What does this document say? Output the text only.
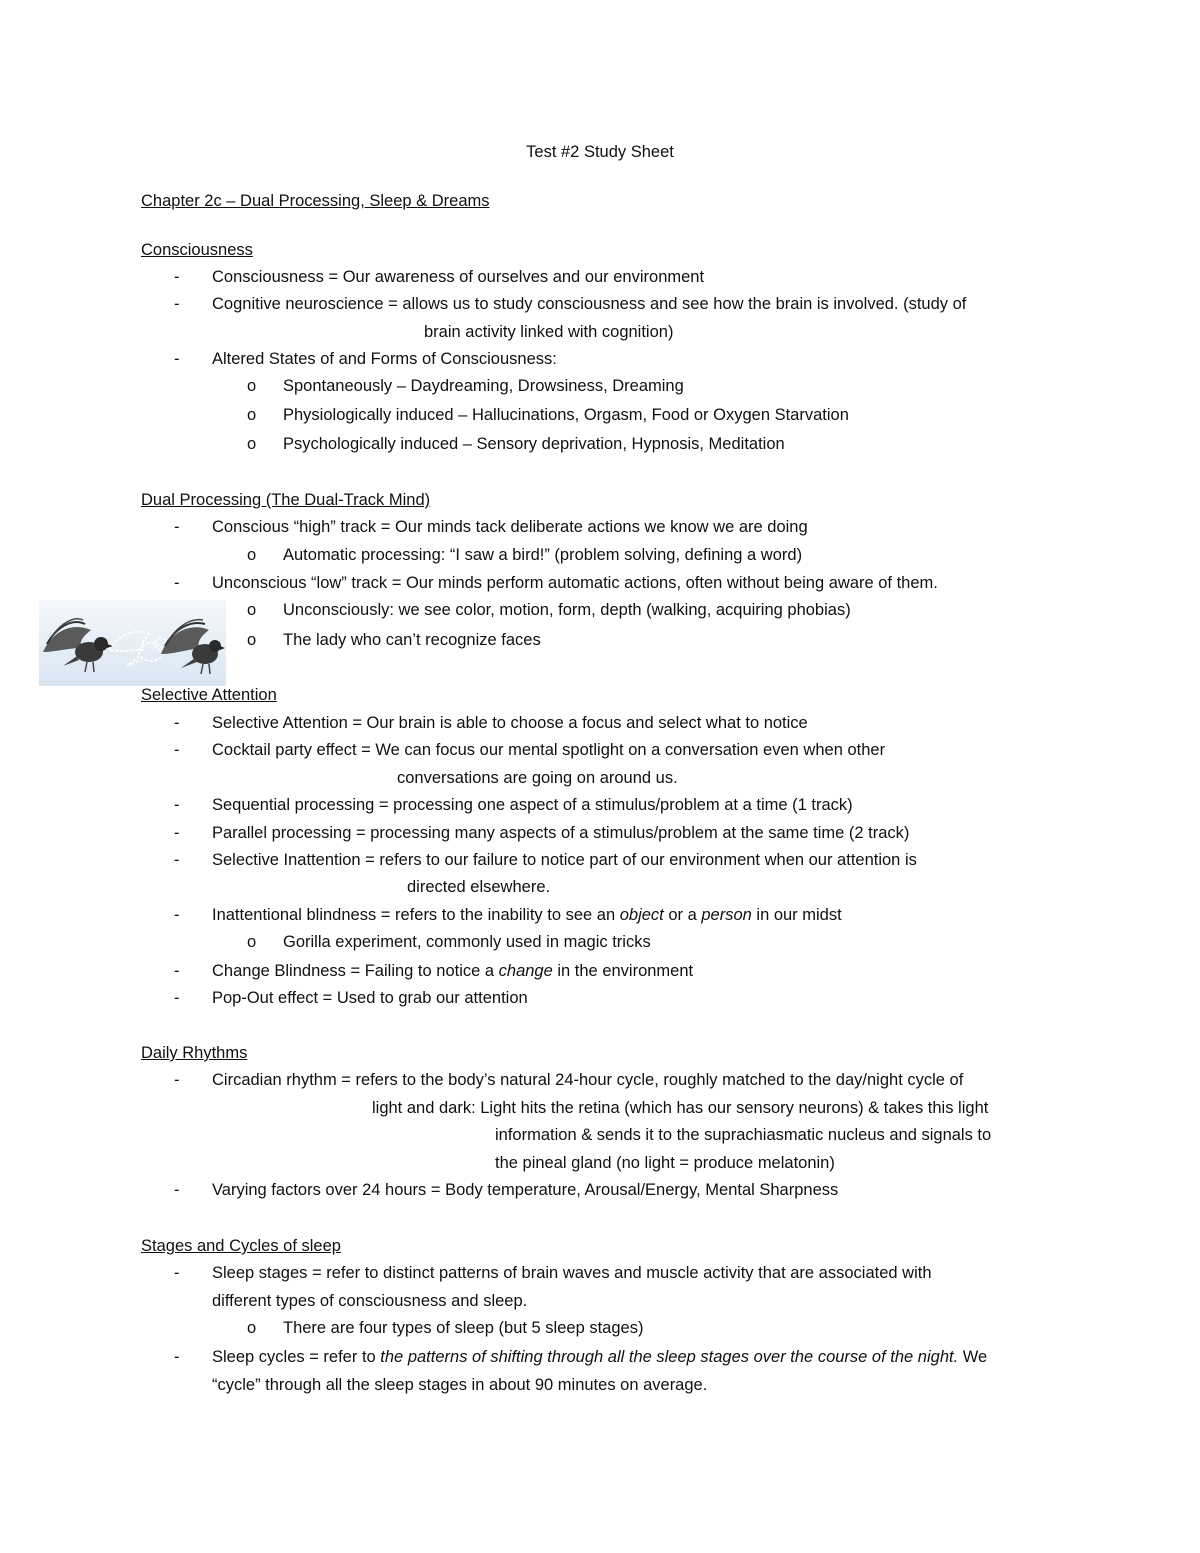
Test #2 Study Sheet
Chapter 2c – Dual Processing, Sleep & Dreams
Consciousness
- Consciousness = Our awareness of ourselves and our environment
- Cognitive neuroscience = allows us to study consciousness and see how the brain is involved. (study of
brain activity linked with cognition)
- Altered States of and Forms of Consciousness:
o Spontaneously – Daydreaming, Drowsiness, Dreaming
o Physiologically induced – Hallucinations, Orgasm, Food or Oxygen Starvation
o Psychologically induced – Sensory deprivation, Hypnosis, Meditation
Dual Processing (The Dual-Track Mind)
- Conscious “high” track = Our minds tack deliberate actions we know we are doing
o Automatic processing: “I saw a bird!” (problem solving, defining a word)
- Unconscious “low” track = Our minds perform automatic actions, often without being aware of them.
o Unconsciously: we see color, motion, form, depth (walking, acquiring phobias)
o The lady who can’t recognize faces
Selective Attention
- Selective Attention = Our brain is able to choose a focus and select what to notice
- Cocktail party effect = We can focus our mental spotlight on a conversation even when other
conversations are going on around us.
- Sequential processing = processing one aspect of a stimulus/problem at a time (1 track)
- Parallel processing = processing many aspects of a stimulus/problem at the same time (2 track)
- Selective Inattention = refers to our failure to notice part of our environment when our attention is
directed elsewhere.
- Inattentional blindness = refers to the inability to see an object or a person in our midst
o Gorilla experiment, commonly used in magic tricks
- Change Blindness = Failing to notice a change in the environment
- Pop-Out effect = Used to grab our attention
Daily Rhythms
- Circadian rhythm = refers to the body’s natural 24-hour cycle, roughly matched to the day/night cycle of
light and dark: Light hits the retina (which has our sensory neurons) & takes this light
information & sends it to the suprachiasmatic nucleus and signals to
the pineal gland (no light = produce melatonin)
- Varying factors over 24 hours = Body temperature, Arousal/Energy, Mental Sharpness
Stages and Cycles of sleep
- Sleep stages = refer to distinct patterns of brain waves and muscle activity that are associated with
different types of consciousness and sleep.
o There are four types of sleep (but 5 sleep stages)
- Sleep cycles = refer to the patterns of shifting through all the sleep stages over the course of the night. We
“cycle” through all the sleep stages in about 90 minutes on average.
